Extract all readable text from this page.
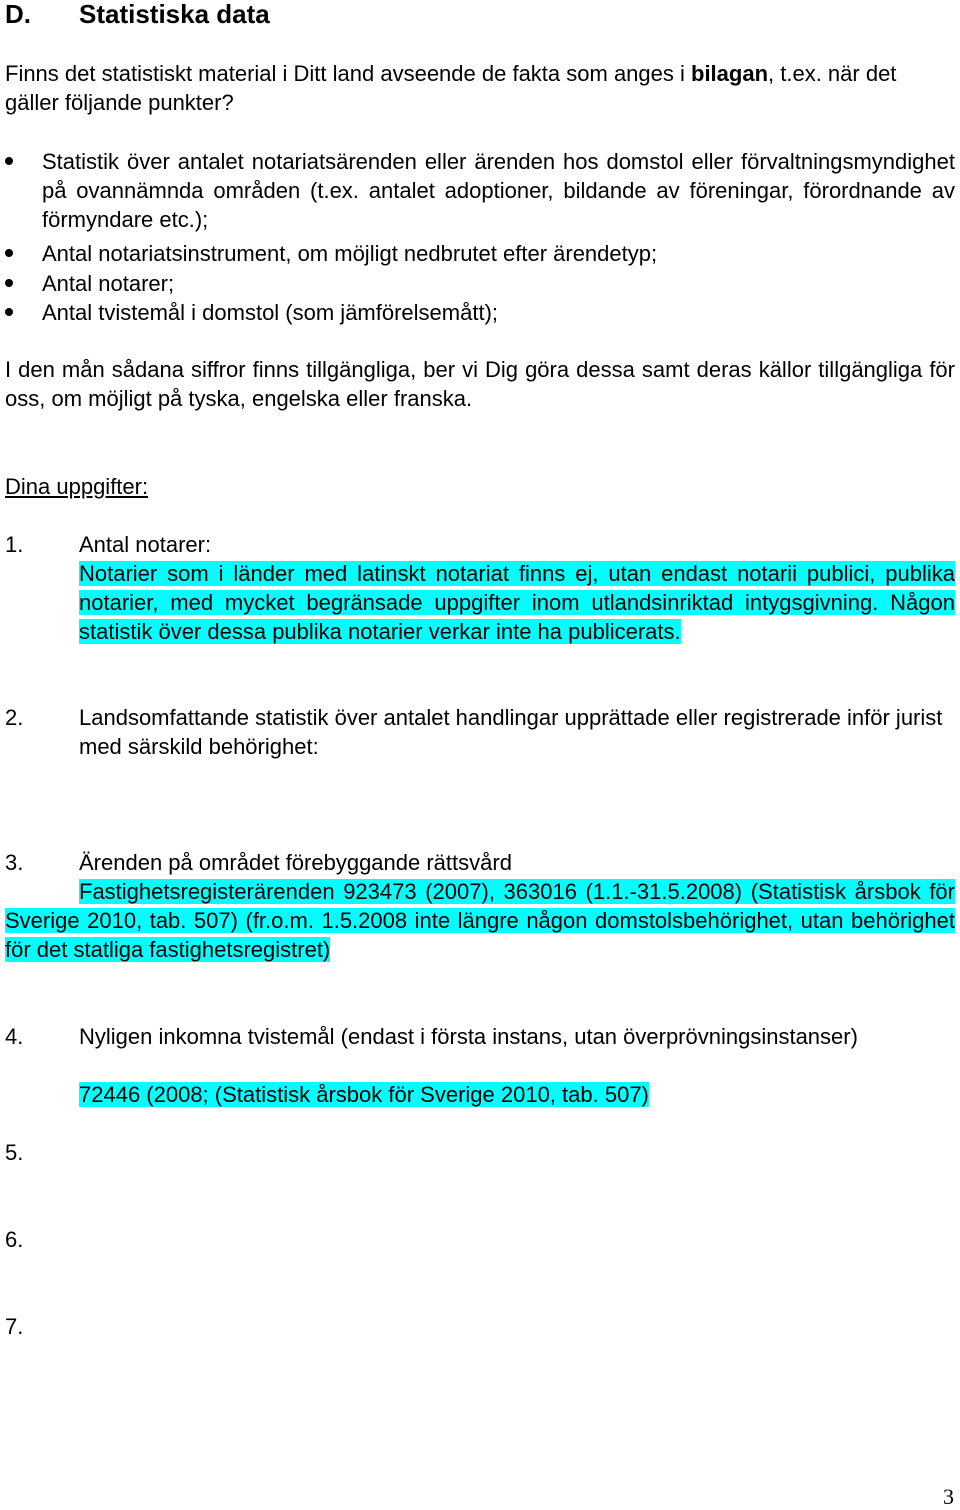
D. Statistiska data
Finns det statistiskt material i Ditt land avseende de fakta som anges i bilagan, t.ex. när det gäller följande punkter?
Statistik över antalet notariatsärenden eller ärenden hos domstol eller förvaltningsmyndighet på ovannämnda områden (t.ex. antalet adoptioner, bildande av föreningar, förordnande av förmyndare etc.);
Antal notariatsinstrument, om möjligt nedbrutet efter ärendetyp;
Antal notarer;
Antal tvistemål i domstol (som jämförelsemått);
I den mån sådana siffror finns tillgängliga, ber vi Dig göra dessa samt deras källor tillgängliga för oss, om möjligt på tyska, engelska eller franska.
Dina uppgifter:
1.	Antal notarer:
Notarier som i länder med latinskt notariat finns ej, utan endast notarii publici, publika notarier, med mycket begränsade uppgifter inom utlandsinriktad intygsgivning. Någon statistik över dessa publika notarier verkar inte ha publicerats.
2.	Landsomfattande statistik över antalet handlingar upprättade eller registrerade inför jurist med särskild behörighet:
3.	Ärenden på området förebyggande rättsvård
Fastighetsregisterärenden 923473 (2007), 363016 (1.1.-31.5.2008) (Statistisk årsbok för Sverige 2010, tab. 507) (fr.o.m. 1.5.2008 inte längre någon domstolsbehörighet, utan behörighet för det statliga fastighetsregistret)
4.	Nyligen inkomna tvistemål (endast i första instans, utan överprövningsinstanser)
72446 (2008; (Statistisk årsbok för Sverige 2010, tab. 507)
5.
6.
7.
3
